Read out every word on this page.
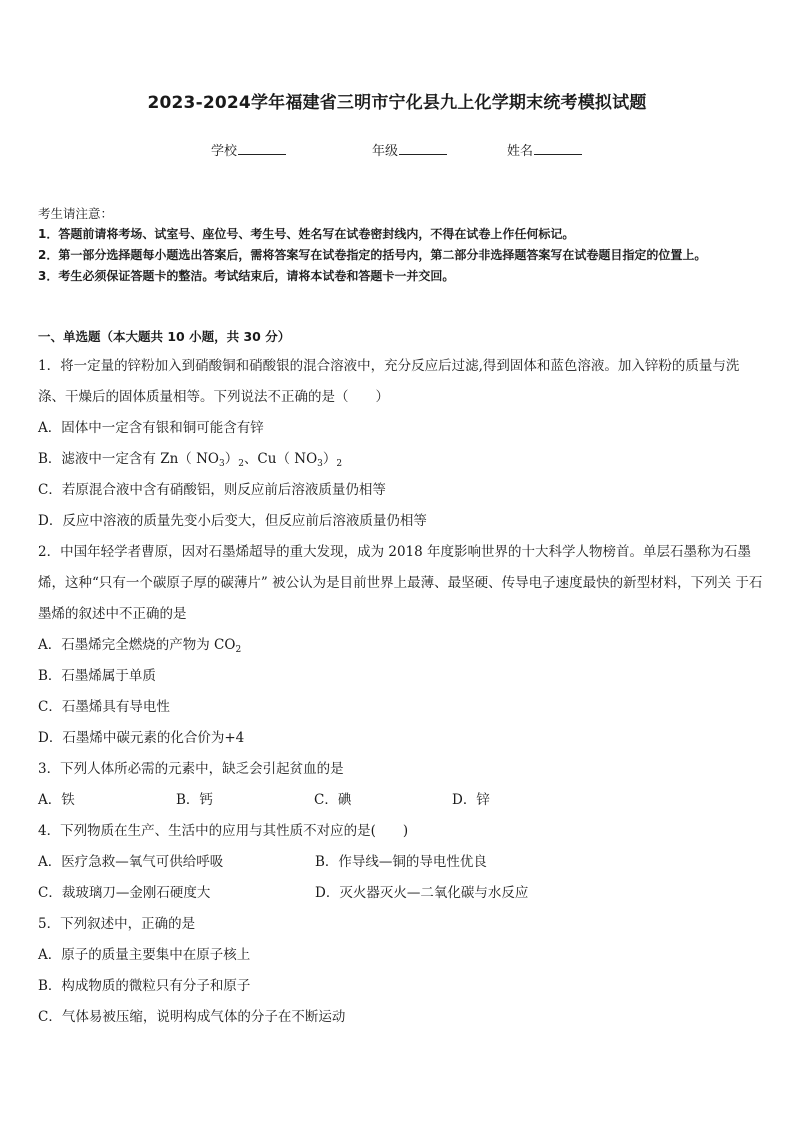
2023-2024学年福建省三明市宁化县九上化学期末统考模拟试题
学校	年级	姓名
考生请注意：
1．答题前请将考场、试室号、座位号、考生号、姓名写在试卷密封线内，不得在试卷上作任何标记。
2．第一部分选择题每小题选出答案后，需将答案写在试卷指定的括号内，第二部分非选择题答案写在试卷题目指定的位置上。
3．考生必须保证答题卡的整洁。考试结束后，请将本试卷和答题卡一并交回。
一、单选题（本大题共 10 小题，共 30 分）
1．将一定量的锌粉加入到硝酸铜和硝酸银的混合溶液中，充分反应后过滤,得到固体和蓝色溶液。加入锌粉的质量与洗涤、干燥后的固体质量相等。下列说法不正确的是（　　）
A．固体中一定含有银和铜可能含有锌
B．滤液中一定含有 Zn（ $NO_3)_2$、Cu（ $NO_3)_2$
C．若原混合液中含有硝酸铝，则反应前后溶液质量仍相等
D．反应中溶液的质量先变小后变大，但反应前后溶液质量仍相等
2．中国年轻学者曹原，因对石墨烯超导的重大发现，成为 2018 年度影响世界的十大科学人物榜首。单层石墨称为石墨烯，这种“只有一个碳原子厚的碳薄片” 被公认为是目前世界上最薄、最坚硬、传导电子速度最快的新型材料，下列关 于石墨烯的叙述中不正确的是
A．石墨烯完全燃烧的产物为 $CO_2$
B．石墨烯属于单质
C．石墨烯具有导电性
D．石墨烯中碳元素的化合价为+4
3．下列人体所必需的元素中，缺乏会引起贫血的是
A．铁	B．钙	C．碘	D．锌
4．下列物质在生产、生活中的应用与其性质不对应的是(　　)
A．医疗急救—氧气可供给呼吸	B．作导线—铜的导电性优良
C．裁玻璃刀—金刚石硬度大	D．灭火器灭火—二氧化碳与水反应
5．下列叙述中，正确的是
A．原子的质量主要集中在原子核上
B．构成物质的微粒只有分子和原子
C．气体易被压缩，说明构成气体的分子在不断运动
